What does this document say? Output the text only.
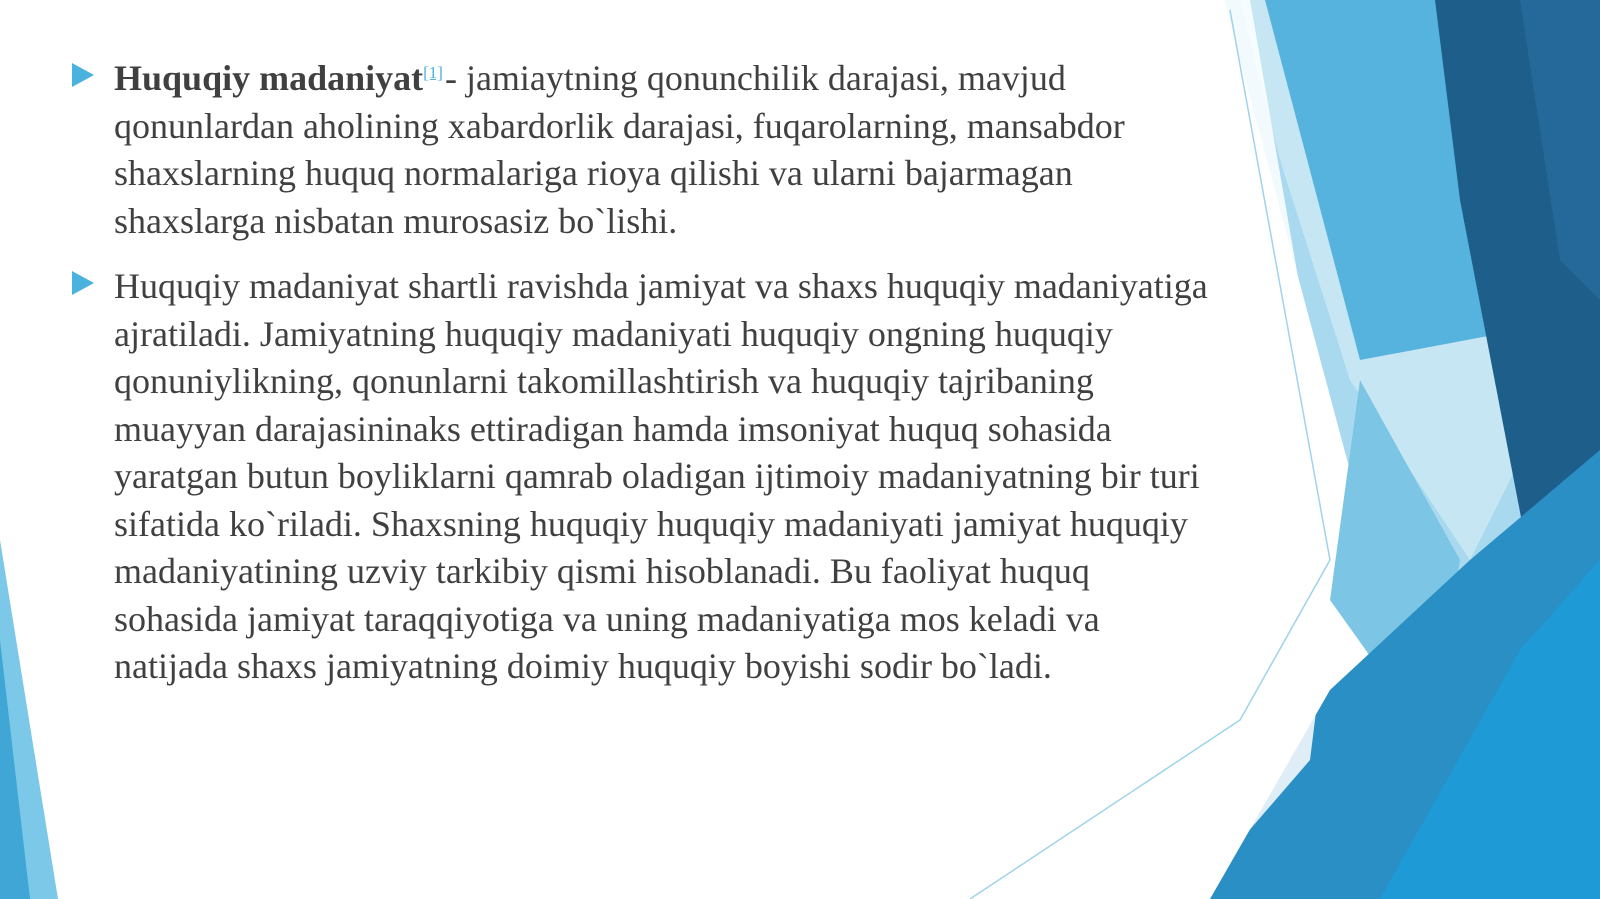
Huquqiy madaniyat[1]- jamiaytning qonunchilik darajasi, mavjud qonunlardan aholining xabardorlik darajasi, fuqarolarning, mansabdor shaxslarning huquq normalariga rioya qilishi va ularni bajarmagan shaxslarga nisbatan murosasiz bo`lishi.
Huquqiy madaniyat shartli ravishda jamiyat va shaxs huquqiy madaniyatiga ajratiladi. Jamiyatning huquqiy madaniyati huquqiy ongning huquqiy qonuniylikning, qonunlarni takomillashtirish va huquqiy tajribaning muayyan darajasininaks ettiradigan hamda imsoniyat huquq sohasida yaratgan butun boyliklarni qamrab oladigan ijtimoiy madaniyatning bir turi sifatida ko`riladi. Shaxsning huquqiy huquqiy madaniyati jamiyat huquqiy madaniyatining uzviy tarkibiy qismi hisoblanadi. Bu faoliyat huquq sohasida jamiyat taraqqiyotiga va uning madaniyatiga mos keladi va natijada shaxs jamiyatning doimiy huquqiy boyishi sodir bo`ladi.
